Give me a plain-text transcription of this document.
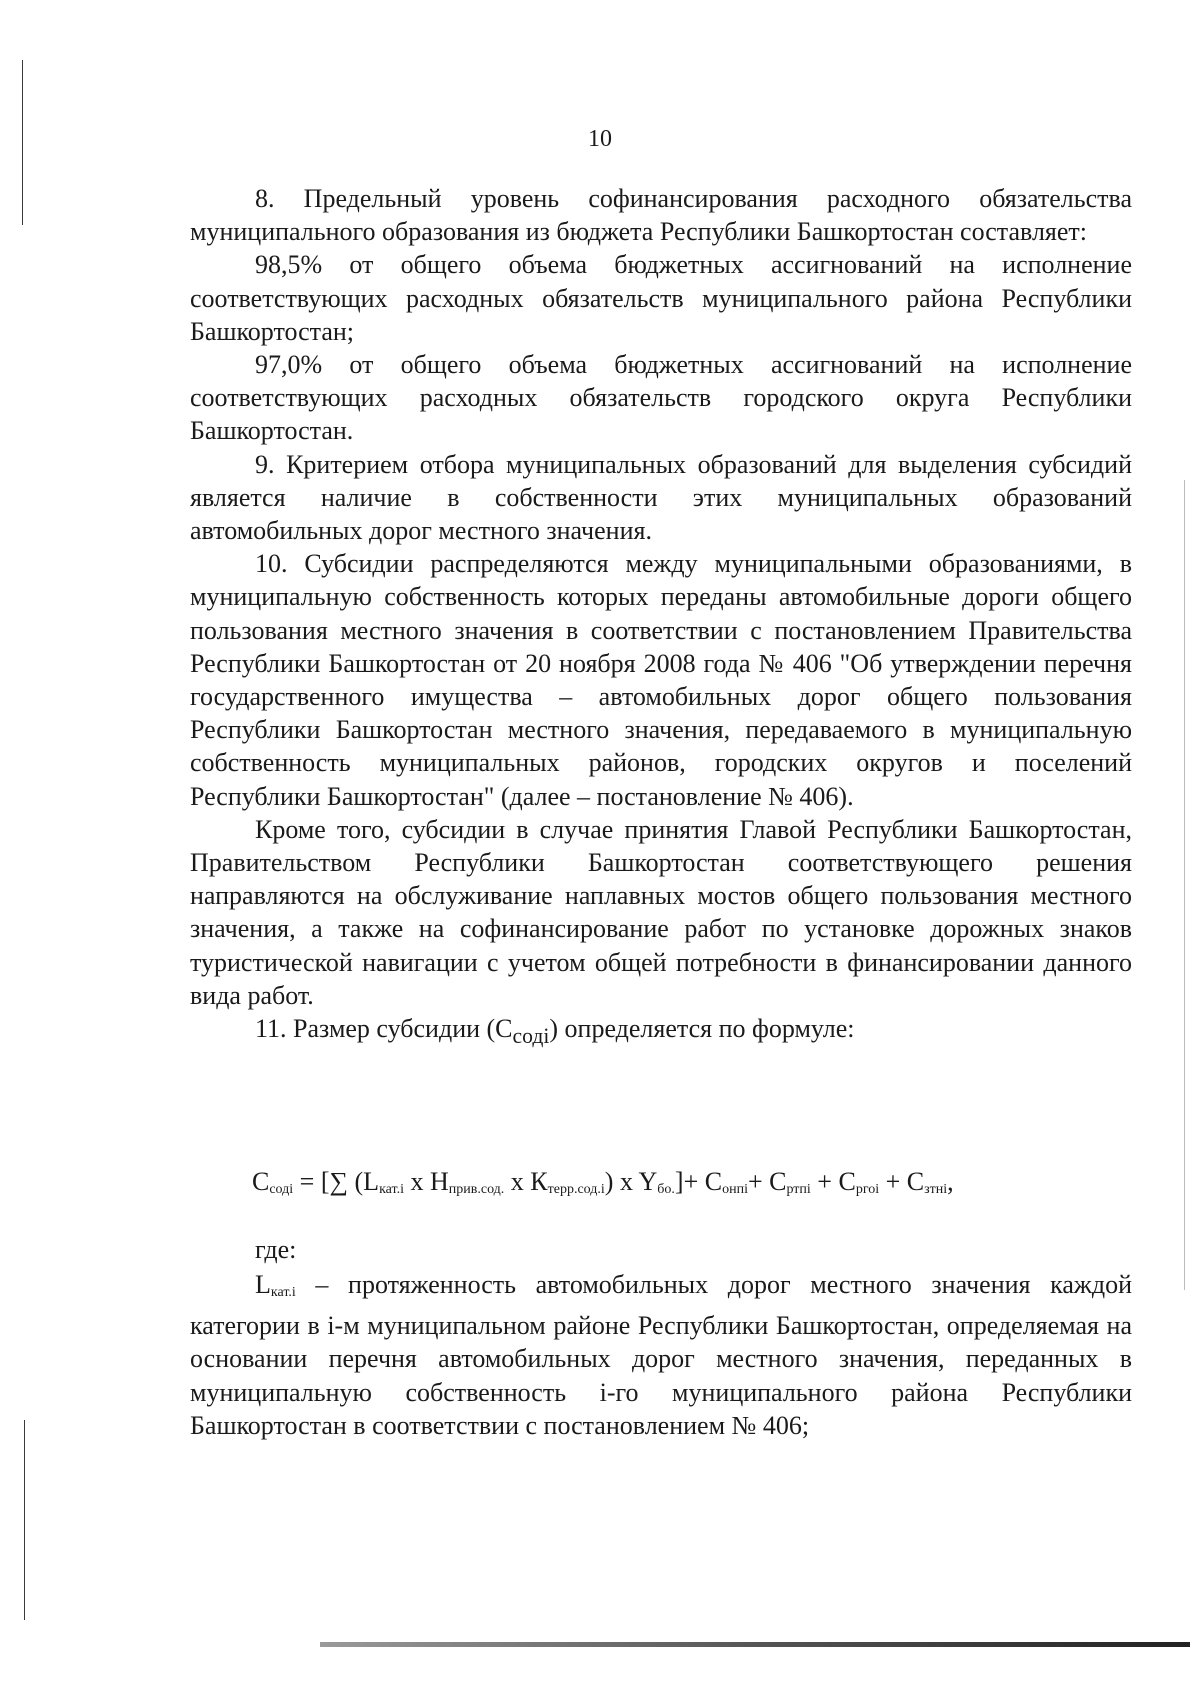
10

8. Предельный уровень софинансирования расходного обязательства муниципального образования из бюджета Республики Башкортостан составляет:

98,5% от общего объема бюджетных ассигнований на исполнение соответствующих расходных обязательств муниципального района Республики Башкортостан;

97,0% от общего объема бюджетных ассигнований на исполнение соответствующих расходных обязательств городского округа Республики Башкортостан.

9. Критерием отбора муниципальных образований для выделения субсидий является наличие в собственности этих муниципальных образований автомобильных дорог местного значения.

10. Субсидии распределяются между муниципальными образованиями, в муниципальную собственность которых переданы автомобильные дороги общего пользования местного значения в соответствии с постановлением Правительства Республики Башкортостан от 20 ноября 2008 года № 406 "Об утверждении перечня государственного имущества – автомобильных дорог общего пользования Республики Башкортостан местного значения, передаваемого в муниципальную собственность муниципальных районов, городских округов и поселений Республики Башкортостан" (далее – постановление № 406).

Кроме того, субсидии в случае принятия Главой Республики Башкортостан, Правительством Республики Башкортостан соответствующего решения направляются на обслуживание наплавных мостов общего пользования местного значения, а также на софинансирование работ по установке дорожных знаков туристической навигации с учетом общей потребности в финансировании данного вида работ.

11. Размер субсидии $(С_{содi})$ определяется по формуле:

$С_{содi}$ = [∑ ($L_{кат.i}$ x $Н_{прив.сод.}$ x $К_{терр.сод.i}$) x $Y_{бо.}]+ С_{онпi}+ С_{ртпi} + С_{ргоi} + С_{зтнi}$,
где:

$L_{кат.i}$ – протяженность автомобильных дорог местного значения каждой категории в i-м муниципальном районе Республики Башкортостан, определяемая на основании перечня автомобильных дорог местного значения, переданных в муниципальную собственность i-го муниципального района Республики Башкортостан в соответствии с постановлением № 406;
